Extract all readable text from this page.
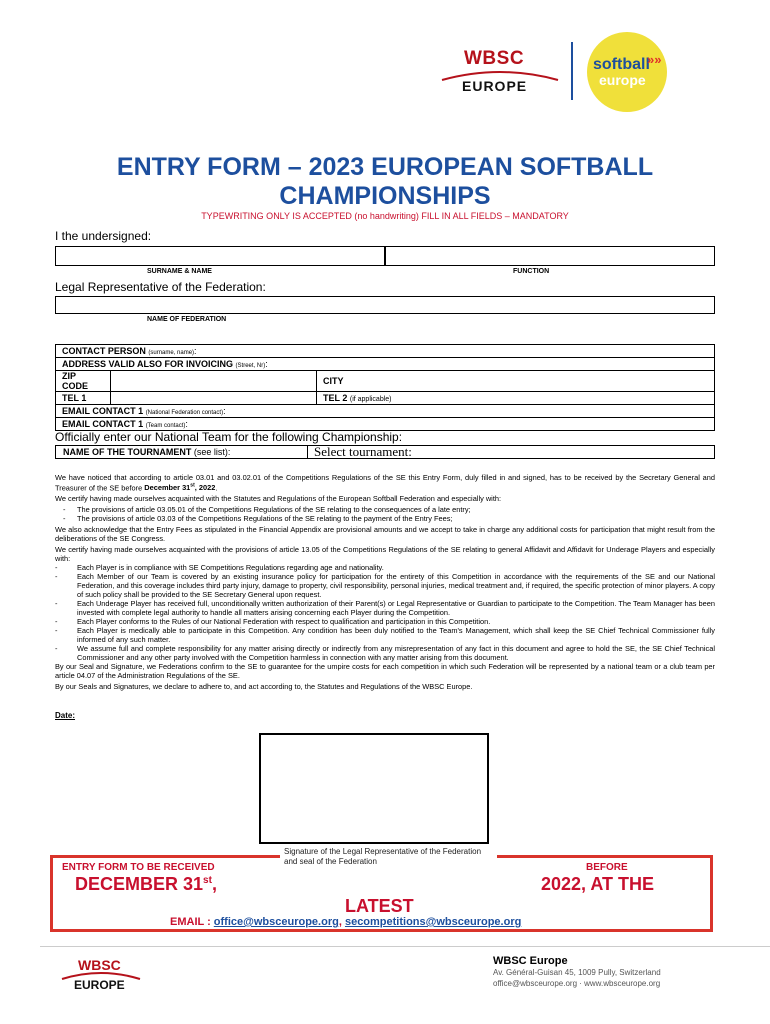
WBSC
EUROPE
softball
»»
europe
ENTRY FORM – 2023 EUROPEAN SOFTBALL
CHAMPIONSHIPS
TYPEWRITING ONLY IS ACCEPTED (no handwriting) FILL IN ALL FIELDS – MANDATORY
I the undersigned:
SURNAME & NAME	FUNCTION
Legal Representative of the Federation:
NAME OF FEDERATION
CONTACT PERSON (surname, name):		
ADDRESS VALID ALSO FOR INVOICING (Street, Nr):		
ZIP CODE		CITY
TEL 1		TEL 2 (if applicable)
EMAIL CONTACT 1 (National Federation contact):		
EMAIL CONTACT 1 (Team contact):		
Officially enter our National Team for the following Championship:
NAME OF THE TOURNAMENT (see list):	Select tournament:

We have noticed that according to article 03.01 and 03.02.01 of the Competitions Regulations of the SE this Entry Form, duly filled in and signed, has to be received by the Secretary General and Treasurer of the SE before December 31st, 2022.

We certify having made ourselves acquainted with the Statutes and Regulations of the European Softball Federation and especially with:

- The provisions of article 03.05.01 of the Competitions Regulations of the SE relating to the consequences of a late entry;
- The provisions of article 03.03 of the Competitions Regulations of the SE relating to the payment of the Entry Fees;

We also acknowledge that the Entry Fees as stipulated in the Financial Appendix are provisional amounts and we accept to take in charge any additional costs for participation that might result from the deliberations of the SE Congress.

We certify having made ourselves acquainted with the provisions of article 13.05 of the Competitions Regulations of the SE relating to general Affidavit and Affidavit for Underage Players and especially with:

- Each Player is in compliance with SE Competitions Regulations regarding age and nationality.
- Each Member of our Team is covered by an existing insurance policy for participation for the entirety of this Competition in accordance with the requirements of the SE and our National Federation, and this coverage includes third party injury, damage to property, civil responsibility, personal injuries, medical treatment and, if required, the specific protection of minor players. A copy of such policy shall be provided to the SE Secretary General upon request.
- Each Underage Player has received full, unconditionally written authorization of their Parent(s) or Legal Representative or Guardian to participate to the Competition. The Team Manager has been invested with complete legal authority to handle all matters arising concerning each Player during the Competition.
- Each Player conforms to the Rules of our National Federation with respect to qualification and participation in this Competition.
- Each Player is medically able to participate in this Competition. Any condition has been duly notified to the Team's Management, which shall keep the SE Chief Technical Commissioner fully informed of any such matter.
- We assume full and complete responsibility for any matter arising directly or indirectly from any misrepresentation of any fact in this document and agree to hold the SE, the SE Chief Technical Commissioner and any other party involved with the Competition harmless in connection with any matter arising from this document.

By our Seal and Signature, we Federations confirm to the SE to guarantee for the umpire costs for each competition in which such Federation will be represented by a national team or a club team per article 04.07 of the Administration Regulations of the SE.

By our Seals and Signatures, we declare to adhere to, and act according to, the Statutes and Regulations of the WBSC Europe.

Date:
Signature of the Legal Representative of the Federation and seal of the Federation
ENTRY FORM TO BE RECEIVED	BEFORE
DECEMBER 31st,	2022, AT THE
LATEST
EMAIL : office@wbsceurope.org, secompetitions@wbsceurope.org
WBSC
EUROPE
WBSC Europe
Av. Général-Guisan 45, 1009 Pully, Switzerland
office@wbsceurope.org · www.wbsceurope.org
